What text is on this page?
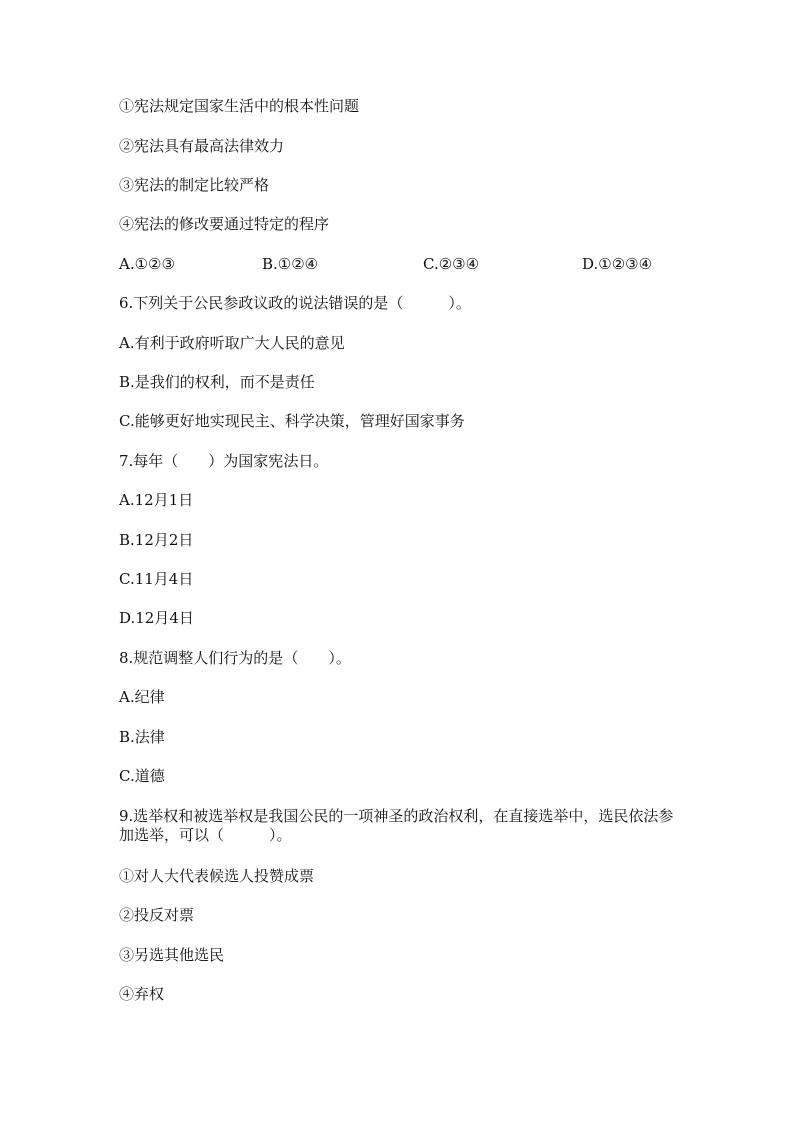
①宪法规定国家生活中的根本性问题
②宪法具有最高法律效力
③宪法的制定比较严格
④宪法的修改要通过特定的程序
A.①②③	B.①②④	C.②③④	D.①②③④
6.下列关于公民参政议政的说法错误的是（　　　）。
A.有利于政府听取广大人民的意见
B.是我们的权利，而不是责任
C.能够更好地实现民主、科学决策，管理好国家事务
7.每年（　　）为国家宪法日。
A.12月1日
B.12月2日
C.11月4日
D.12月4日
8.规范调整人们行为的是（　　）。
A.纪律
B.法律
C.道德
9.选举权和被选举权是我国公民的一项神圣的政治权利，在直接选举中，选民依法参加选举，可以（　　　）。
①对人大代表候选人投赞成票
②投反对票
③另选其他选民
④弃权
